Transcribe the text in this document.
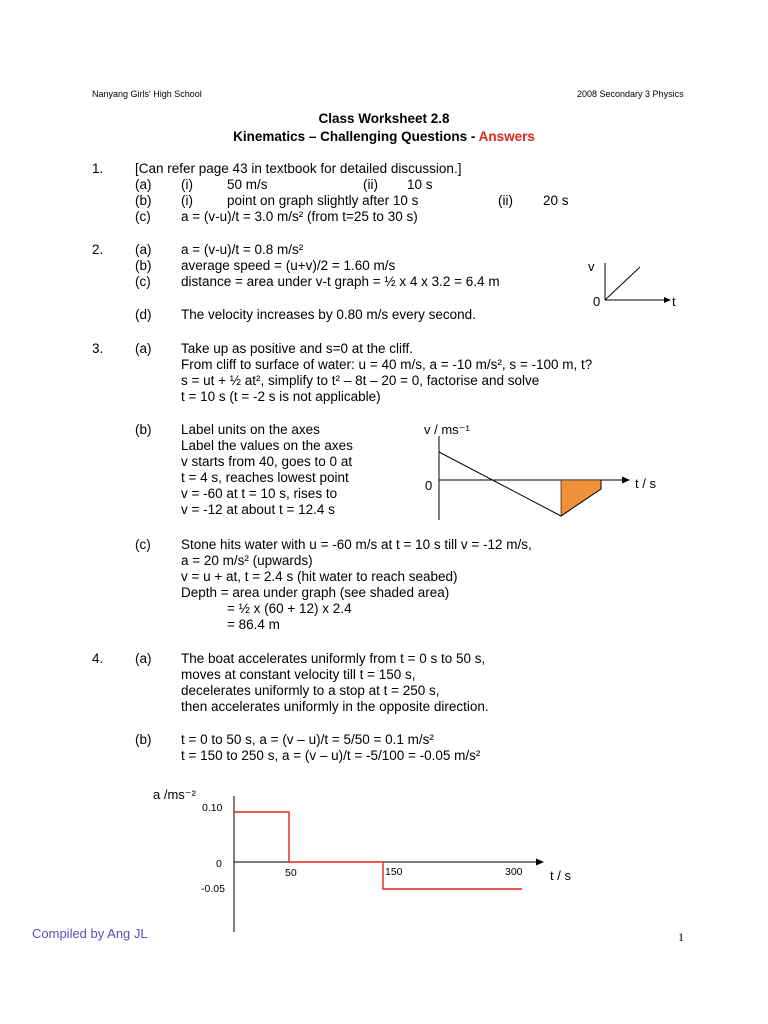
Nanyang Girls' High School	2008 Secondary 3 Physics
Class Worksheet 2.8
Kinematics – Challenging Questions - Answers
1. [Can refer page 43 in textbook for detailed discussion.]
(a) (i)	50 m/s	(ii) 10 s
(b) (i)	point on graph slightly after 10 s	(ii) 20 s
(c) a = (v-u)/t = 3.0 m/s² (from t=25 to 30 s)
2. (a) a = (v-u)/t = 0.8 m/s²
(b) average speed = (u+v)/2 = 1.60 m/s
(c) distance = area under v-t graph = ½ x 4 x 3.2 = 6.4 m
(d) The velocity increases by 0.80 m/s every second.
v
0	t
3. (a) Take up as positive and s=0 at the cliff.
From cliff to surface of water: u = 40 m/s, a = -10 m/s², s = -100 m, t?
s = ut + ½ at², simplify to t² – 8t – 20 = 0, factorise and solve
t = 10 s (t = -2 s is not applicable)
(b) Label units on the axes
Label the values on the axes
v starts from 40, goes to 0 at
t = 4 s, reaches lowest point
v = -60 at t = 10 s, rises to
v = -12 at about t = 12.4 s
v / ms⁻¹
0	t / s
(c) Stone hits water with u = -60 m/s at t = 10 s till v = -12 m/s,
a = 20 m/s² (upwards)
v = u + at, t = 2.4 s (hit water to reach seabed)
Depth = area under graph (see shaded area)
= ½ x (60 + 12) x 2.4
= 86.4 m
4. (a) The boat accelerates uniformly from t = 0 s to 50 s,
moves at constant velocity till t = 150 s,
decelerates uniformly to a stop at t = 250 s,
then accelerates uniformly in the opposite direction.
(b) t = 0 to 50 s, a = (v – u)/t = 5/50 = 0.1 m/s²
t = 150 to 250 s, a = (v – u)/t = -5/100 = -0.05 m/s²
a /ms⁻²
0.10
0
-0.05
50	150	300 t / s
Compiled by Ang JL	1
